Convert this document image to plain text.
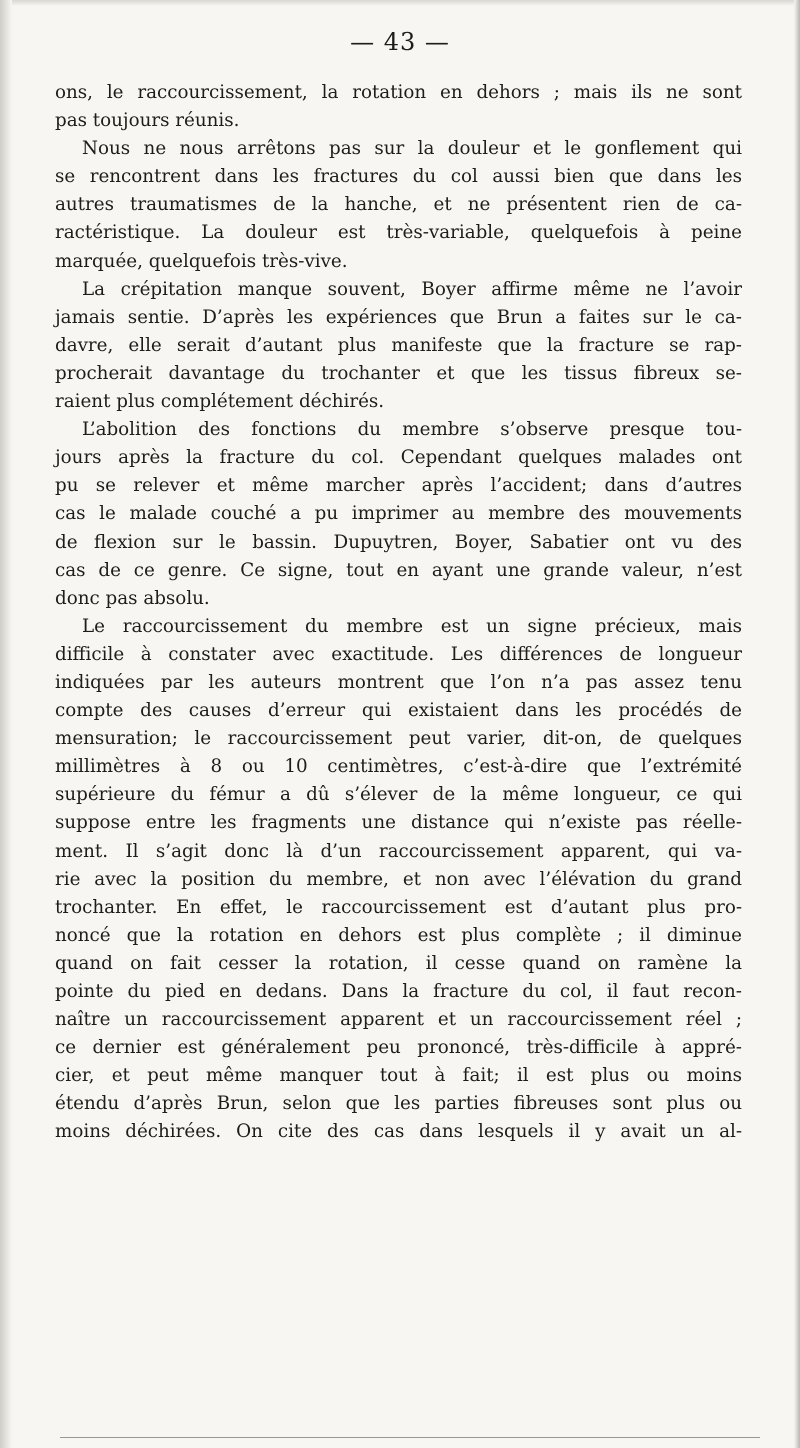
— 43 —
ons, le raccourcissement, la rotation en dehors ; mais ils ne sont
pas toujours réunis.
Nous ne nous arrêtons pas sur la douleur et le gonflement qui
se rencontrent dans les fractures du col aussi bien que dans les
autres traumatismes de la hanche, et ne présentent rien de ca-
ractéristique. La douleur est très-variable, quelquefois à peine
marquée, quelquefois très-vive.
La crépitation manque souvent, Boyer affirme même ne l’avoir
jamais sentie. D’après les expériences que Brun a faites sur le ca-
davre, elle serait d’autant plus manifeste que la fracture se rap-
procherait davantage du trochanter et que les tissus fibreux se-
raient plus complétement déchirés.
L’abolition des fonctions du membre s’observe presque tou-
jours après la fracture du col. Cependant quelques malades ont
pu se relever et même marcher après l’accident; dans d’autres
cas le malade couché a pu imprimer au membre des mouvements
de flexion sur le bassin. Dupuytren, Boyer, Sabatier ont vu des
cas de ce genre. Ce signe, tout en ayant une grande valeur, n’est
donc pas absolu.
Le raccourcissement du membre est un signe précieux, mais
difficile à constater avec exactitude. Les différences de longueur
indiquées par les auteurs montrent que l’on n’a pas assez tenu
compte des causes d’erreur qui existaient dans les procédés de
mensuration; le raccourcissement peut varier, dit-on, de quelques
millimètres à 8 ou 10 centimètres, c’est-à-dire que l’extrémité
supérieure du fémur a dû s’élever de la même longueur, ce qui
suppose entre les fragments une distance qui n’existe pas réelle-
ment. Il s’agit donc là d’un raccourcissement apparent, qui va-
rie avec la position du membre, et non avec l’élévation du grand
trochanter. En effet, le raccourcissement est d’autant plus pro-
noncé que la rotation en dehors est plus complète ; il diminue
quand on fait cesser la rotation, il cesse quand on ramène la
pointe du pied en dedans. Dans la fracture du col, il faut recon-
naître un raccourcissement apparent et un raccourcissement réel ;
ce dernier est généralement peu prononcé, très-difficile à appré-
cier, et peut même manquer tout à fait; il est plus ou moins
étendu d’après Brun, selon que les parties fibreuses sont plus ou
moins déchirées. On cite des cas dans lesquels il y avait un al-
